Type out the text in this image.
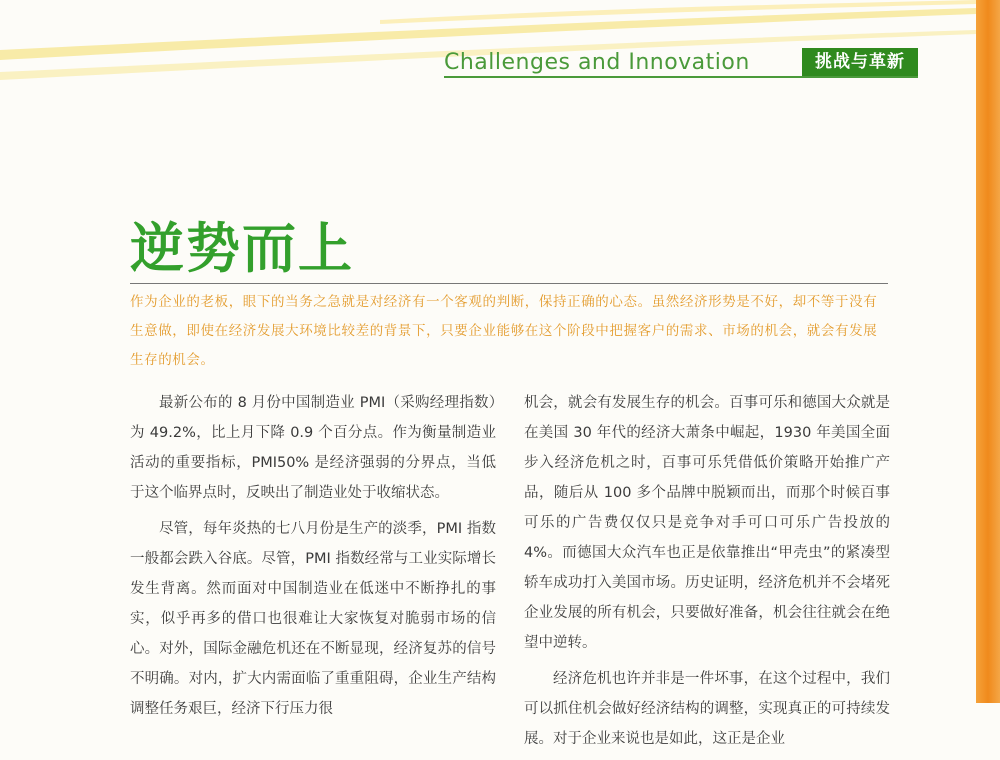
Challenges and Innovation	挑战与革新
逆势而上
作为企业的老板，眼下的当务之急就是对经济有一个客观的判断，保持正确的心态。虽然经济形势是不好，却不等于没有生意做，即使在经济发展大环境比较差的背景下，只要企业能够在这个阶段中把握客户的需求、市场的机会，就会有发展生存的机会。

最新公布的 8 月份中国制造业 PMI（采购经理指数）为 49.2%，比上月下降 0.9 个百分点。作为衡量制造业活动的重要指标，PMI50% 是经济强弱的分界点，当低于这个临界点时，反映出了制造业处于收缩状态。

尽管，每年炎热的七八月份是生产的淡季，PMI 指数一般都会跌入谷底。尽管，PMI 指数经常与工业实际增长发生背离。然而面对中国制造业在低迷中不断挣扎的事实，似乎再多的借口也很难让大家恢复对脆弱市场的信心。对外，国际金融危机还在不断显现，经济复苏的信号不明确。对内，扩大内需面临了重重阻碍，企业生产结构调整任务艰巨，经济下行压力很

机会，就会有发展生存的机会。百事可乐和德国大众就是在美国 30 年代的经济大萧条中崛起，1930 年美国全面步入经济危机之时，百事可乐凭借低价策略开始推广产品，随后从 100 多个品牌中脱颖而出，而那个时候百事可乐的广告费仅仅只是竞争对手可口可乐广告投放的 4%。而德国大众汽车也正是依靠推出“甲壳虫”的紧凑型轿车成功打入美国市场。历史证明，经济危机并不会堵死企业发展的所有机会，只要做好准备，机会往往就会在绝望中逆转。

经济危机也许并非是一件坏事，在这个过程中，我们可以抓住机会做好经济结构的调整，实现真正的可持续发展。对于企业来说也是如此，这正是企业
